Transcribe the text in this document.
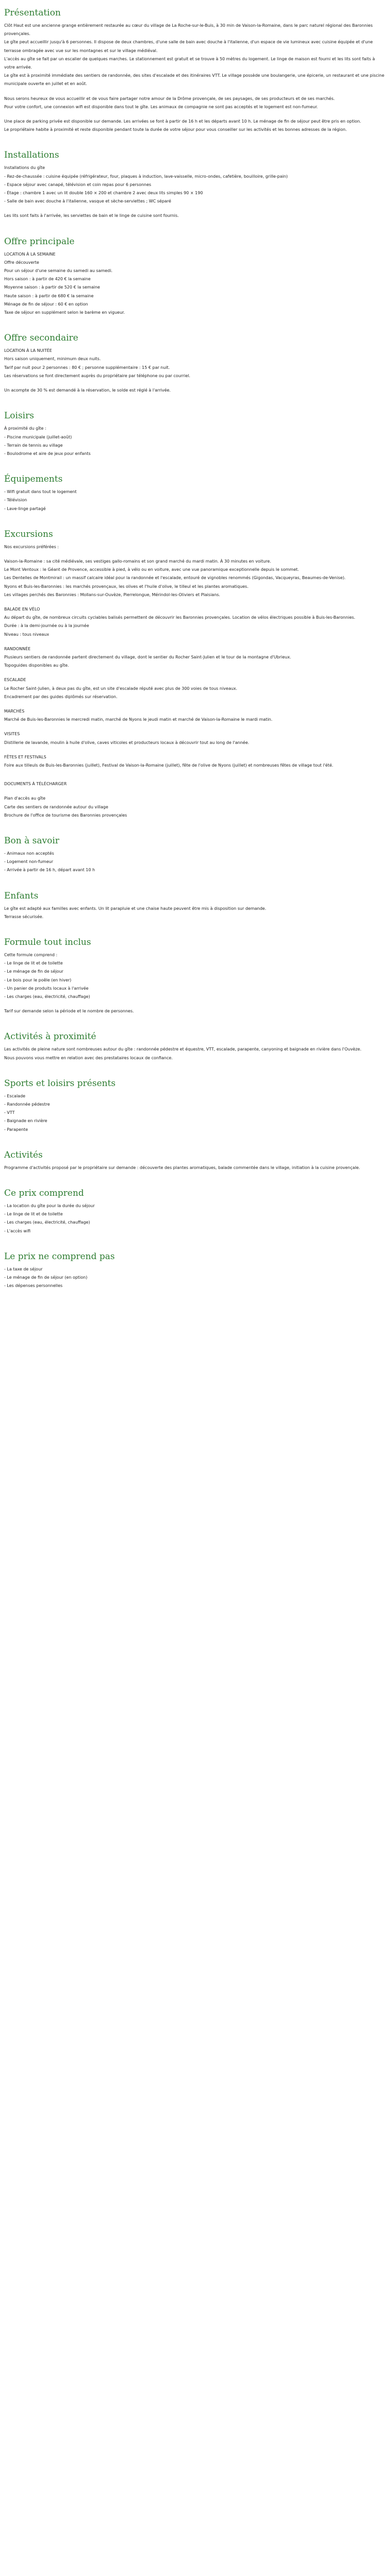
Présentation

Clôt Haut est une ancienne grange entièrement restaurée au cœur du village de La Roche-sur-le-Buis, à 30 min de Vaison-la-Romaine, dans le parc naturel régional des Baronnies provençales.

Le gîte peut accueillir jusqu'à 6 personnes. Il dispose de deux chambres, d'une salle de bain avec douche à l'italienne, d'un espace de vie lumineux avec cuisine équipée et d'une terrasse ombragée avec vue sur les montagnes et sur le village médiéval.

L'accès au gîte se fait par un escalier de quelques marches. Le stationnement est gratuit et se trouve à 50 mètres du logement. Le linge de maison est fourni et les lits sont faits à votre arrivée.

Le gîte est à proximité immédiate des sentiers de randonnée, des sites d'escalade et des itinéraires VTT. Le village possède une boulangerie, une épicerie, un restaurant et une piscine municipale ouverte en juillet et en août.

Nous serons heureux de vous accueillir et de vous faire partager notre amour de la Drôme provençale, de ses paysages, de ses producteurs et de ses marchés.

Pour votre confort, une connexion wifi est disponible dans tout le gîte. Les animaux de compagnie ne sont pas acceptés et le logement est non-fumeur.

Une place de parking privée est disponible sur demande. Les arrivées se font à partir de 16 h et les départs avant 10 h. Le ménage de fin de séjour peut être pris en option.

Le propriétaire habite à proximité et reste disponible pendant toute la durée de votre séjour pour vous conseiller sur les activités et les bonnes adresses de la région.

Installations

Installations du gîte

- Rez-de-chaussée : cuisine équipée (réfrigérateur, four, plaques à induction, lave-vaisselle, micro-ondes, cafetière, bouilloire, grille-pain)
- Espace séjour avec canapé, télévision et coin repas pour 6 personnes
- Étage : chambre 1 avec un lit double 160 × 200 et chambre 2 avec deux lits simples 90 × 190
- Salle de bain avec douche à l'italienne, vasque et sèche-serviettes ; WC séparé

Les lits sont faits à l'arrivée, les serviettes de bain et le linge de cuisine sont fournis.

Offre principale
LOCATION À LA SEMAINE
Offre découverte
Pour un séjour d'une semaine du samedi au samedi.
Hors saison : à partir de 420 € la semaine
Moyenne saison : à partir de 520 € la semaine
Haute saison : à partir de 680 € la semaine
Ménage de fin de séjour : 60 € en option
Taxe de séjour en supplément selon le barème en vigueur.
Offre secondaire
LOCATION À LA NUITÉE
Hors saison uniquement, minimum deux nuits.
Tarif par nuit pour 2 personnes : 80 € ; personne supplémentaire : 15 € par nuit.
Les réservations se font directement auprès du propriétaire par téléphone ou par courriel.

Un acompte de 30 % est demandé à la réservation, le solde est réglé à l'arrivée.

Loisirs

À proximité du gîte :

- Piscine municipale (juillet-août)
- Terrain de tennis au village
- Boulodrome et aire de jeux pour enfants
Équipements
- Wifi gratuit dans tout le logement
- Télévision
- Lave-linge partagé
Excursions

Nos excursions préférées :

Vaison-la-Romaine : sa cité médiévale, ses vestiges gallo-romains et son grand marché du mardi matin. À 30 minutes en voiture.

Le Mont Ventoux : le Géant de Provence, accessible à pied, à vélo ou en voiture, avec une vue panoramique exceptionnelle depuis le sommet.

Les Dentelles de Montmirail : un massif calcaire idéal pour la randonnée et l'escalade, entouré de vignobles renommés (Gigondas, Vacqueyras, Beaumes-de-Venise).

Nyons et Buis-les-Baronnies : les marchés provençaux, les olives et l'huile d'olive, le tilleul et les plantes aromatiques.

Les villages perchés des Baronnies : Mollans-sur-Ouvèze, Pierrelongue, Mérindol-les-Oliviers et Plaisians.

BALADE EN VÉLO

Au départ du gîte, de nombreux circuits cyclables balisés permettent de découvrir les Baronnies provençales. Location de vélos électriques possible à Buis-les-Baronnies.

Durée : à la demi-journée ou à la journée

Niveau : tous niveaux

RANDONNÉE

Plusieurs sentiers de randonnée partent directement du village, dont le sentier du Rocher Saint-Julien et le tour de la montagne d'Ubrieux.

Topoguides disponibles au gîte.

ESCALADE

Le Rocher Saint-Julien, à deux pas du gîte, est un site d'escalade réputé avec plus de 300 voies de tous niveaux.

Encadrement par des guides diplômés sur réservation.

MARCHÉS

Marché de Buis-les-Baronnies le mercredi matin, marché de Nyons le jeudi matin et marché de Vaison-la-Romaine le mardi matin.

VISITES

Distillerie de lavande, moulin à huile d'olive, caves viticoles et producteurs locaux à découvrir tout au long de l'année.

FÊTES ET FESTIVALS

Foire aux tilleuls de Buis-les-Baronnies (juillet), Festival de Vaison-la-Romaine (juillet), fête de l'olive de Nyons (juillet) et nombreuses fêtes de village tout l'été.

DOCUMENTS À TÉLÉCHARGER

Plan d'accès au gîte

Carte des sentiers de randonnée autour du village

Brochure de l'office de tourisme des Baronnies provençales

Bon à savoir
- Animaux non acceptés
- Logement non-fumeur
- Arrivée à partir de 16 h, départ avant 10 h
Enfants

Le gîte est adapté aux familles avec enfants. Un lit parapluie et une chaise haute peuvent être mis à disposition sur demande.

Terrasse sécurisée.

Formule tout inclus
Cette formule comprend :
- Le linge de lit et de toilette
- Le ménage de fin de séjour
- Le bois pour le poêle (en hiver)
- Un panier de produits locaux à l'arrivée
- Les charges (eau, électricité, chauffage)

Tarif sur demande selon la période et le nombre de personnes.

Activités à proximité

Les activités de pleine nature sont nombreuses autour du gîte : randonnée pédestre et équestre, VTT, escalade, parapente, canyoning et baignade en rivière dans l'Ouvèze.

Nous pouvons vous mettre en relation avec des prestataires locaux de confiance.

Sports et loisirs présents
- Escalade
- Randonnée pédestre
- VTT
- Baignade en rivière
- Parapente
Activités

Programme d'activités proposé par le propriétaire sur demande : découverte des plantes aromatiques, balade commentée dans le village, initiation à la cuisine provençale.

Ce prix comprend
- La location du gîte pour la durée du séjour
- Le linge de lit et de toilette
- Les charges (eau, électricité, chauffage)
- L'accès wifi
Le prix ne comprend pas
- La taxe de séjour
- Le ménage de fin de séjour (en option)
- Les dépenses personnelles
